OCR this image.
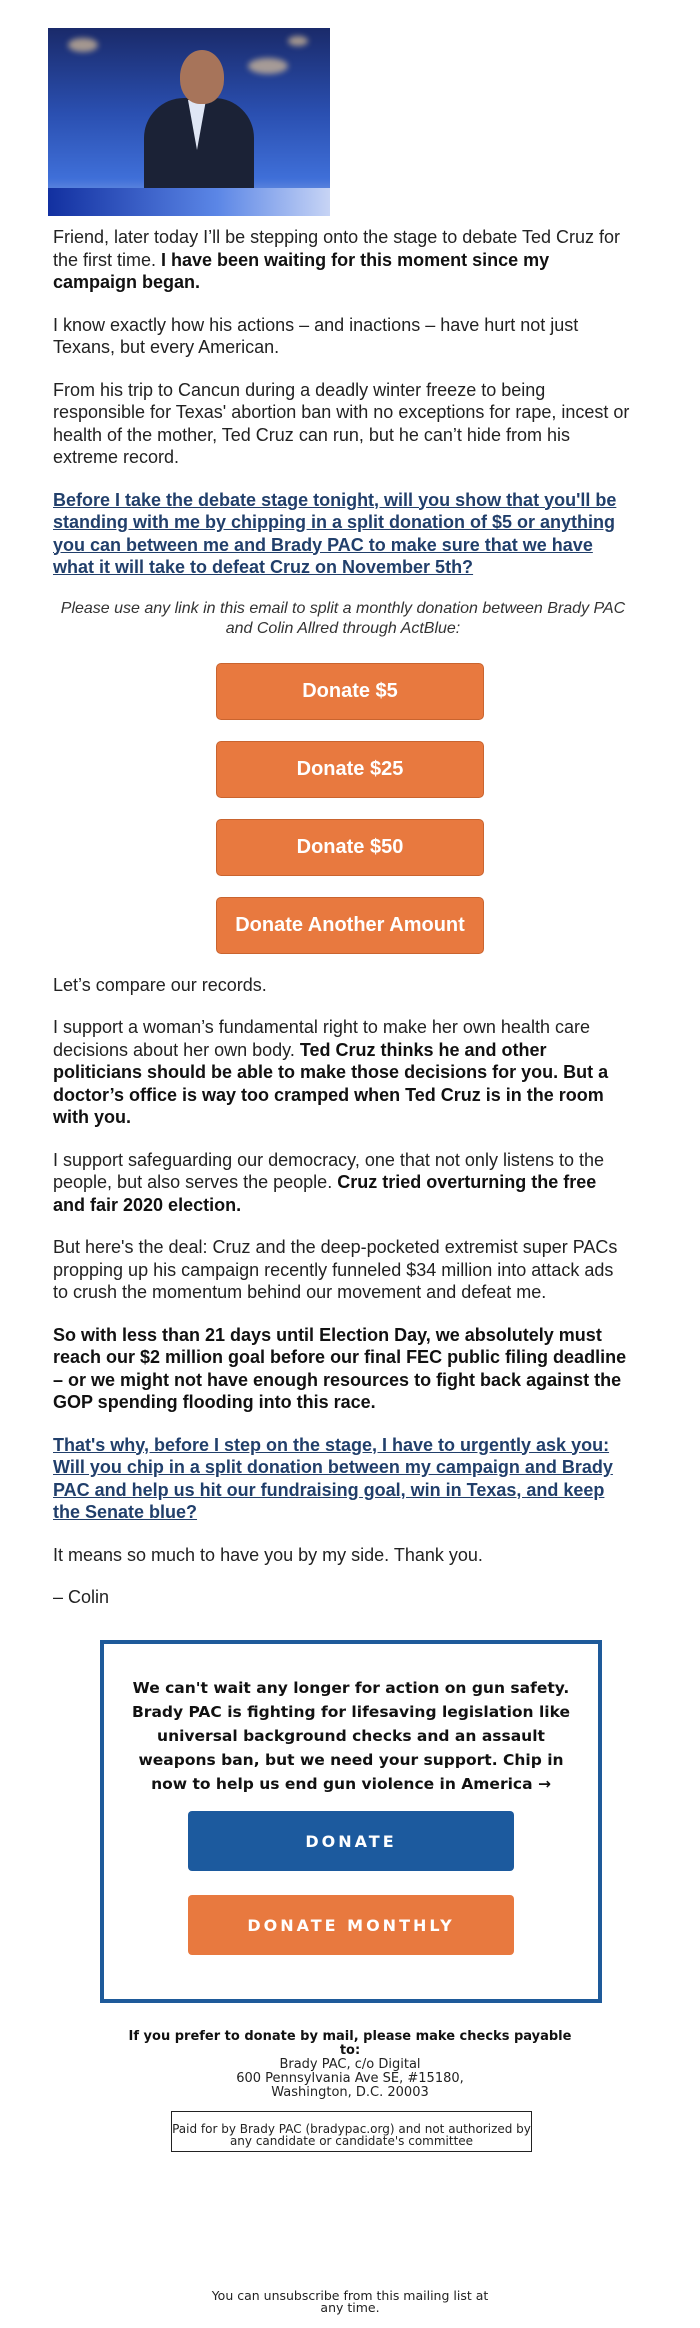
Friend, later today I’ll be stepping onto the stage to debate Ted Cruz for the first time. I have been waiting for this moment since my campaign began.

I know exactly how his actions – and inactions – have hurt not just Texans, but every American.

From his trip to Cancun during a deadly winter freeze to being responsible for Texas' abortion ban with no exceptions for rape, incest or health of the mother, Ted Cruz can run, but he can’t hide from his extreme record.

Before I take the debate stage tonight, will you show that you'll be standing with me by chipping in a split donation of $5 or anything you can between me and Brady PAC to make sure that we have what it will take to defeat Cruz on November 5th?

Please use any link in this email to split a monthly donation between Brady PAC and Colin Allred through ActBlue:
Donate $5
Donate $25
Donate $50
Donate Another Amount

Let’s compare our records.

I support a woman’s fundamental right to make her own health care decisions about her own body. Ted Cruz thinks he and other politicians should be able to make those decisions for you. But a doctor’s office is way too cramped when Ted Cruz is in the room with you.

I support safeguarding our democracy, one that not only listens to the people, but also serves the people. Cruz tried overturning the free and fair 2020 election.

But here's the deal: Cruz and the deep-pocketed extremist super PACs propping up his campaign recently funneled $34 million into attack ads to crush the momentum behind our movement and defeat me.

So with less than 21 days until Election Day, we absolutely must reach our $2 million goal before our final FEC public filing deadline – or we might not have enough resources to fight back against the GOP spending flooding into this race.

That's why, before I step on the stage, I have to urgently ask you: Will you chip in a split donation between my campaign and Brady PAC and help us hit our fundraising goal, win in Texas, and keep the Senate blue?

It means so much to have you by my side. Thank you.

– Colin

We can't wait any longer for action on gun safety. Brady PAC is fighting for lifesaving legislation like universal background checks and an assault weapons ban, but we need your support. Chip in now to help us end gun violence in America →
DONATE
DONATE MONTHLY
If you prefer to donate by mail, please make checks payable to:
Brady PAC, c/o Digital
600 Pennsylvania Ave SE, #15180,
Washington, D.C. 20003
Paid for by Brady PAC (bradypac.org) and not authorized by any candidate or candidate's committee
You can unsubscribe from this mailing list at any time.
